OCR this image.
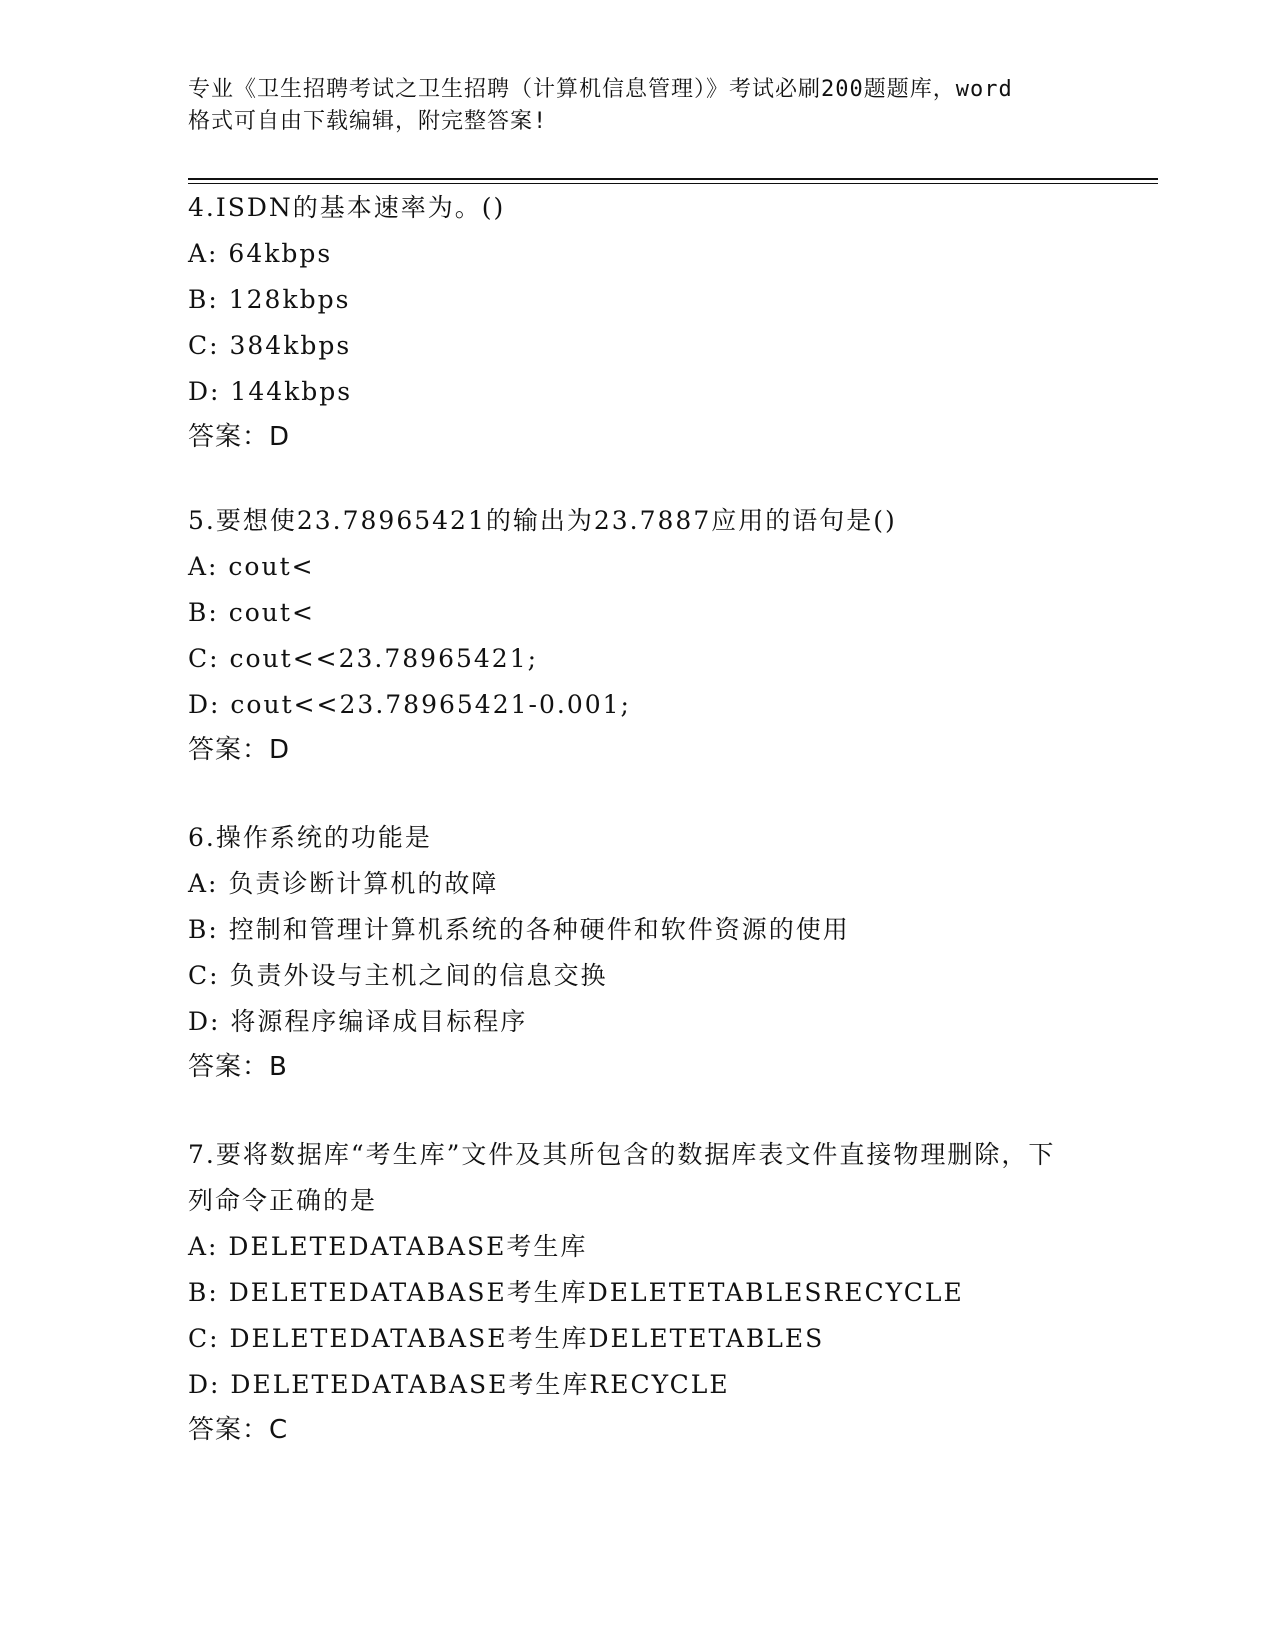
专业《卫生招聘考试之卫生招聘（计算机信息管理）》考试必刷200题题库，word
格式可自由下载编辑，附完整答案!

4.ISDN的基本速率为。()

A: 64kbps

B: 128kbps

C: 384kbps

D: 144kbps

答案：D

5.要想使23.78965421的输出为23.7887应用的语句是()

A: cout<

B: cout<

C: cout<<23.78965421;

D: cout<<23.78965421-0.001;

答案：D

6.操作系统的功能是

A: 负责诊断计算机的故障

B: 控制和管理计算机系统的各种硬件和软件资源的使用

C: 负责外设与主机之间的信息交换

D: 将源程序编译成目标程序

答案：B

7.要将数据库“考生库”文件及其所包含的数据库表文件直接物理删除，下列命令正确的是

A: DELETEDATABASE考生库

B: DELETEDATABASE考生库DELETETABLESRECYCLE

C: DELETEDATABASE考生库DELETETABLES

D: DELETEDATABASE考生库RECYCLE

答案：C
